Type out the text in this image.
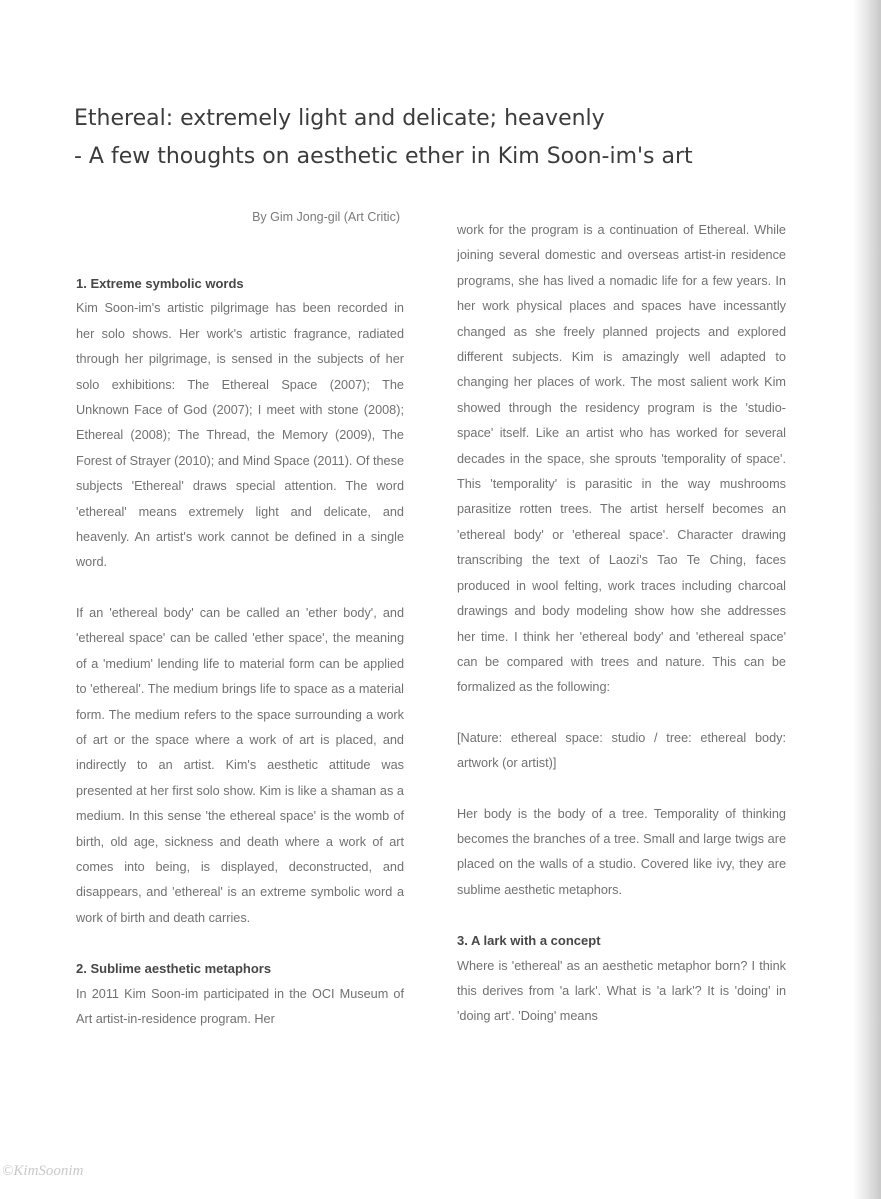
Ethereal: extremely light and delicate; heavenly
- A few thoughts on aesthetic ether in Kim Soon-im's art
By Gim Jong-gil (Art Critic)
1. Extreme symbolic words

Kim Soon-im's artistic pilgrimage has been recorded in her solo shows. Her work's artistic fragrance, radiated through her pilgrimage, is sensed in the subjects of her solo exhibitions: The Ethereal Space (2007); The Unknown Face of God (2007); I meet with stone (2008); Ethereal (2008); The Thread, the Memory (2009), The Forest of Strayer (2010); and Mind Space (2011). Of these subjects 'Ethereal' draws special attention. The word 'ethereal' means extremely light and delicate, and heavenly. An artist's work cannot be defined in a single word.

If an 'ethereal body' can be called an 'ether body', and 'ethereal space' can be called 'ether space', the meaning of a 'medium' lending life to material form can be applied to 'ethereal'. The medium brings life to space as a material form. The medium refers to the space surrounding a work of art or the space where a work of art is placed, and indirectly to an artist. Kim's aesthetic attitude was presented at her first solo show. Kim is like a shaman as a medium. In this sense 'the ethereal space' is the womb of birth, old age, sickness and death where a work of art comes into being, is displayed, deconstructed, and disappears, and 'ethereal' is an extreme symbolic word a work of birth and death carries.

2. Sublime aesthetic metaphors

In 2011 Kim Soon-im participated in the OCI Museum of Art artist-in-residence program. Her

work for the program is a continuation of Ethereal. While joining several domestic and overseas artist-in residence programs, she has lived a nomadic life for a few years. In her work physical places and spaces have incessantly changed as she freely planned projects and explored different subjects. Kim is amazingly well adapted to changing her places of work. The most salient work Kim showed through the residency program is the 'studio-space' itself. Like an artist who has worked for several decades in the space, she sprouts 'temporality of space'. This 'temporality' is parasitic in the way mushrooms parasitize rotten trees. The artist herself becomes an 'ethereal body' or 'ethereal space'. Character drawing transcribing the text of Laozi's Tao Te Ching, faces produced in wool felting, work traces including charcoal drawings and body modeling show how she addresses her time. I think her 'ethereal body' and 'ethereal space' can be compared with trees and nature. This can be formalized as the following:

[Nature: ethereal space: studio / tree: ethereal body: artwork (or artist)]

Her body is the body of a tree. Temporality of thinking becomes the branches of a tree. Small and large twigs are placed on the walls of a studio. Covered like ivy, they are sublime aesthetic metaphors.

3. A lark with a concept

Where is 'ethereal' as an aesthetic metaphor born? I think this derives from 'a lark'. What is 'a lark'? It is 'doing' in 'doing art'. 'Doing' means

©KimSoonim
